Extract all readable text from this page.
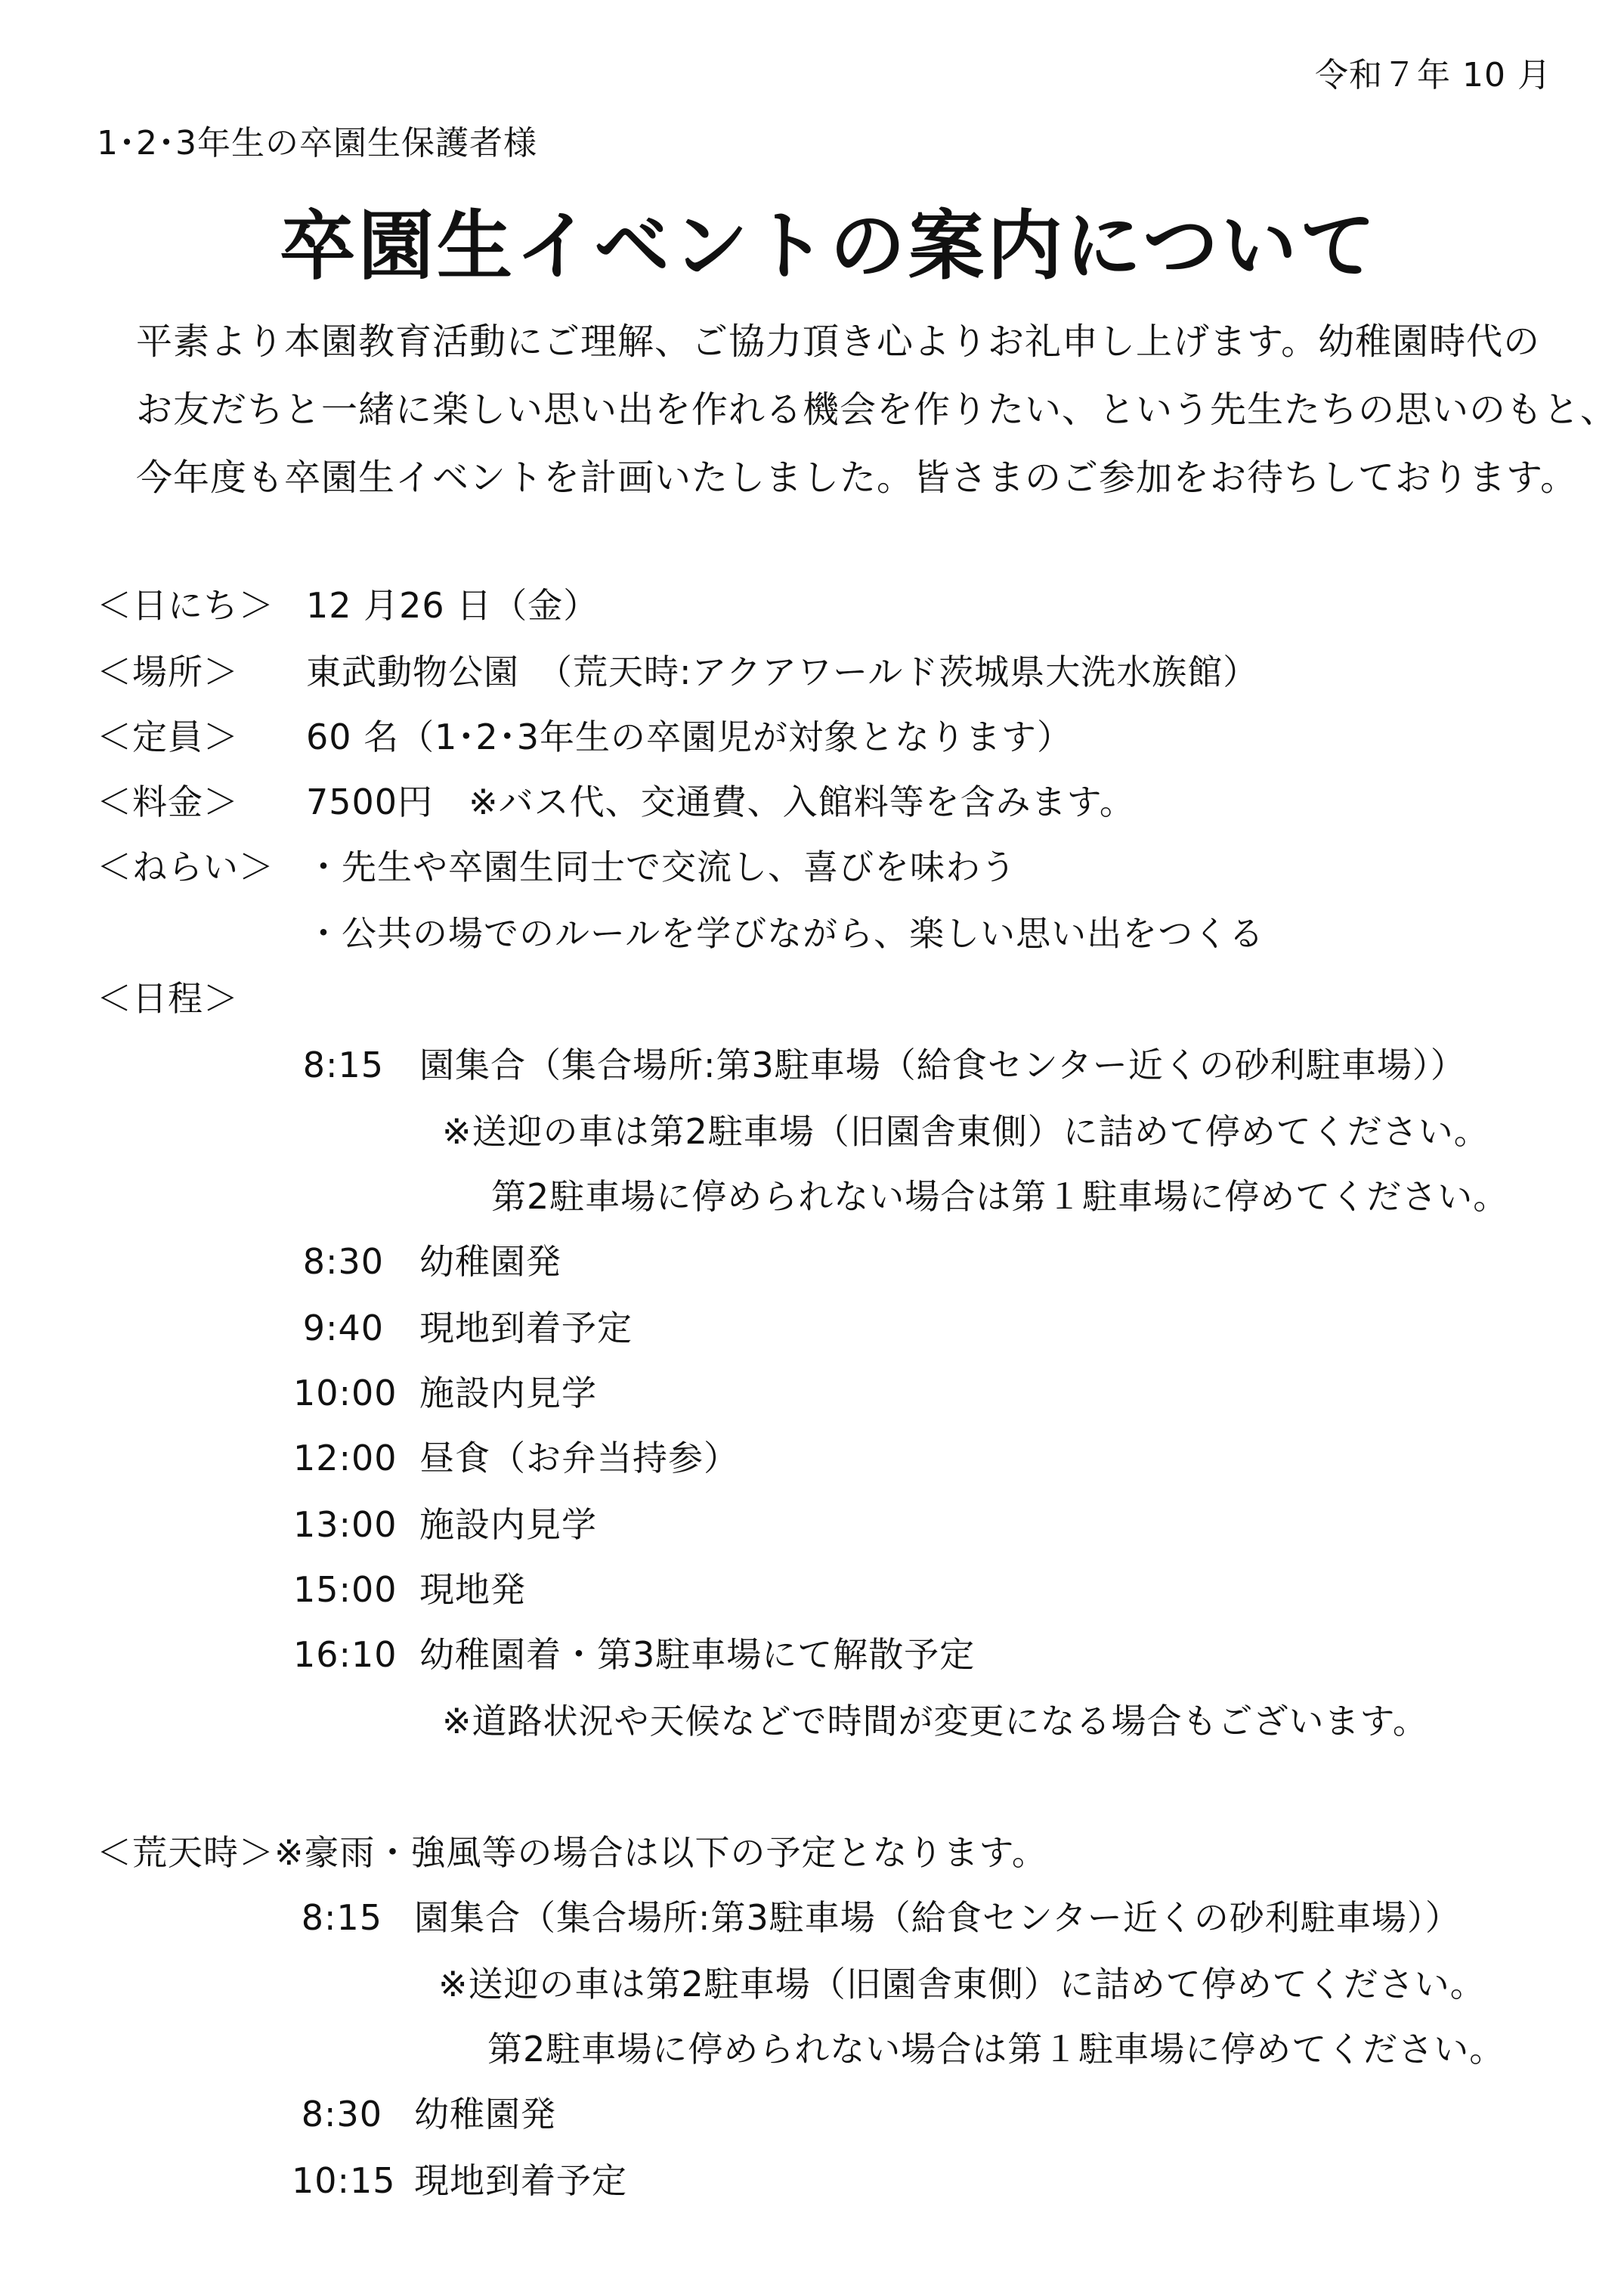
令和７年 10 月
1･2･3年生の卒園生保護者様
卒園生イベントの案内について
平素より本園教育活動にご理解、ご協力頂き心よりお礼申し上げます。幼稚園時代の
お友だちと一緒に楽しい思い出を作れる機会を作りたい、という先生たちの思いのもと、
今年度も卒園生イベントを計画いたしました。皆さまのご参加をお待ちしております。
＜日にち＞ 12 月26 日（金）
＜場所＞ 東武動物公園　（荒天時:アクアワールド茨城県大洗水族館）
＜定員＞ 60 名（1･2･3年生の卒園児が対象となります）
＜料金＞ 7500円　※バス代、交通費、入館料等を含みます。
＜ねらい＞ ・先生や卒園生同士で交流し、喜びを味わう
・公共の場でのルールを学びながら、楽しい思い出をつくる
＜日程＞
8:15 園集合（集合場所:第3駐車場（給食センター近くの砂利駐車場））
※送迎の車は第2駐車場（旧園舎東側）に詰めて停めてください。
第2駐車場に停められない場合は第１駐車場に停めてください。
8:30 幼稚園発
9:40 現地到着予定
10:00 施設内見学
12:00 昼食（お弁当持参）
13:00 施設内見学
15:00 現地発
16:10 幼稚園着・第3駐車場にて解散予定
※道路状況や天候などで時間が変更になる場合もございます。
＜荒天時＞※豪雨・強風等の場合は以下の予定となります。
8:15 園集合（集合場所:第3駐車場（給食センター近くの砂利駐車場））
※送迎の車は第2駐車場（旧園舎東側）に詰めて停めてください。
第2駐車場に停められない場合は第１駐車場に停めてください。
8:30 幼稚園発
10:15 現地到着予定
